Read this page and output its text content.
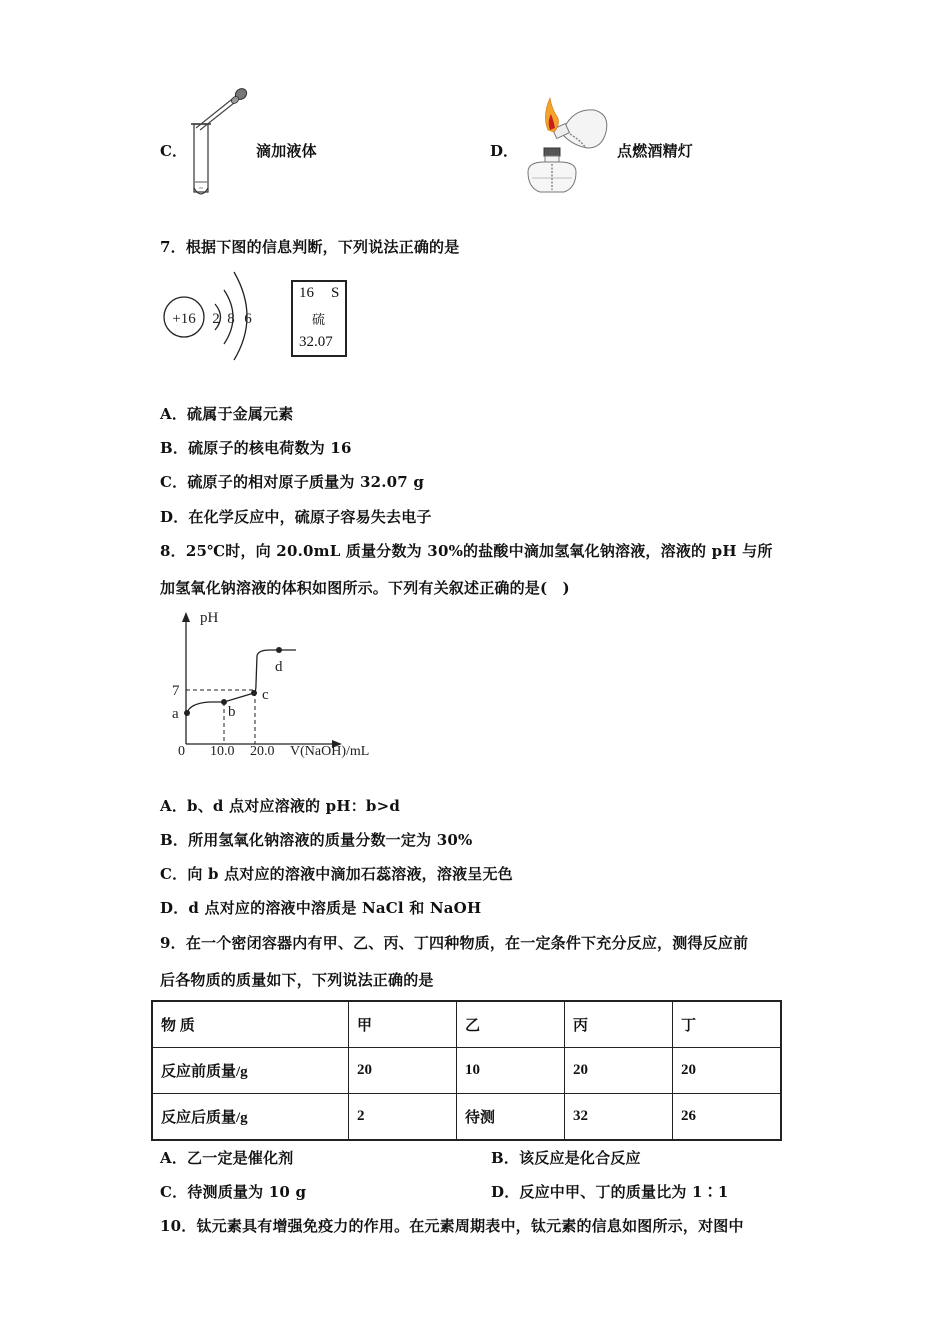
C．	滴加液体	D．	点燃酒精灯
7．根据下图的信息判断，下列说法正确的是
+16 2 8 6
16 S
硫
32.07
A．硫属于金属元素
B．硫原子的核电荷数为 16
C．硫原子的相对原子质量为 32.07 g
D．在化学反应中，硫原子容易失去电子
8．25℃时，向 20.0mL 质量分数为 30%的盐酸中滴加氢氧化钠溶液，溶液的 pH 与所
加氢氧化钠溶液的体积如图所示。下列有关叙述正确的是(　)
pH
0 10.0 20.0 V(NaOH)/mL
7
a	b
c
d
A．b、d 点对应溶液的 pH：b>d
B．所用氢氧化钠溶液的质量分数一定为 30%
C．向 b 点对应的溶液中滴加石蕊溶液，溶液呈无色
D．d 点对应的溶液中溶质是 NaCl 和 NaOH
9．在一个密闭容器内有甲、乙、丙、丁四种物质，在一定条件下充分反应，测得反应前
后各物质的质量如下，下列说法正确的是
物 质	甲	乙	丙	丁
反应前质量/g	20	10	20	20
反应后质量/g	2	待测	32	26
A．乙一定是催化剂	B．该反应是化合反应
C．待测质量为 10 g	D．反应中甲、丁的质量比为 1∶1
10．钛元素具有增强免疫力的作用。在元素周期表中，钛元素的信息如图所示，对图中
